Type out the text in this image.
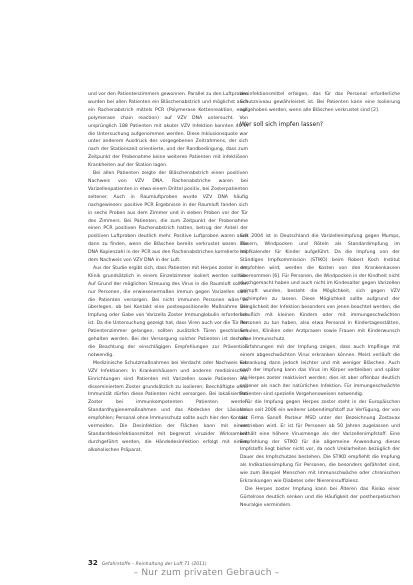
und vor den Patientenzimmern gewonnen. Parallel zu den Luftproben wurden bei allen Patienten ein Bläschenabstrich und möglichst auch ein Rachenabstrich mittels PCR (Polymerase Kettenreaktion, engl. polymerase chain reaction) auf VZV DNA untersucht. Von ursprünglich 188 Patienten mit akuter VZV Infektion konnten 46 in die Untersuchung aufgenommen werden. Diese Inklusionsquote war unter anderem Ausdruck des vorgegebenen Zeitrahmens, der sich nach der Stationszeit orientierte, und der Randbedingung, dass zum Zeitpunkt der Probenahme keine weiteren Patienten mit infektiösen Krankheiten auf der Station lagen.

Bei allen Patienten zeigte der Bläschenabstrich einen positiven Nachweis von VZV DNA. Rachenabstriche waren bei Varizellenpatienten in etwa einem Drittel positiv, bei Zosterpatienten seltener. Auch in Raumluftproben wurde VZV DNA häufig nachgewiesen: positive PCR Ergebnisse in der Raumluft fanden sich in sechs Proben aus dem Zimmer und in sieben Proben vor der Tür des Zimmers. Bei Patienten, die zum Zeitpunkt der Probenahme einen PCR positiven Rachenabstrich hatten, betrug der Anteil der positiven Luftproben deutlich mehr. Positive Luftproben waren auch dann zu finden, wenn die Bläschen bereits verkrustet waren. Die DNA Kopienzahl in der PCR aus den Rachenabstrichen korrelierte mit dem Nachweis von VZV DNA in der Luft.

Aus der Studie ergibt sich, dass Patienten mit Herpes zoster in der Klinik grundsätzlich in einem Einzelzimmer isoliert werden sollten. Auf Grund der möglichen Streuung des Virus in die Raumluft sollten nur Personen, die erwiesenermaßen immun gegen Varizellen sind, die Patienten versorgen. Bei nicht immunen Personen wäre zu überlegen, ob bei Kontakt eine postexpositionelle Maßnahme wie Impfung oder Gabe von Varizella Zoster Immunglobulin erforderlich ist. Da die Untersuchung gezeigt hat, dass Viren auch vor die Tür der Patientenzimmer gelangen, sollten zusätzlich Türen geschlossen gehalten werden. Bei der Versorgung solcher Patienten ist deshalb die Beachtung der einschlägigen Empfehlungen zur Prävention notwendig.

Medizinische Schutzmaßnahmen bei Verdacht oder Nachweis von VZV Infektionen: In Krankenhäusern und anderen medizinischen Einrichtungen sind Patienten mit Varizellen sowie Patienten mit disseminiertem Zoster grundsätzlich zu isolieren; Beschäftigte ohne Immunität dürfen diese Patienten nicht versorgen. Bei lokalisiertem Zoster bei immunkompetenten Patienten werden Standardhygienemaßnahmen und das Abdecken der Läsionen empfohlen; Personal ohne Immunschutz sollte auch hier den Kontakt vermeiden. Die Desinfektion der Flächen kann mit einem Standarddesinfektionsmittel mit begrenzt viruzider Wirksamkeit durchgeführt werden, die Händedesinfektion erfolgt mit einem alkoholischen Präparat.

desinfektionsmittel erfolgen, das für das Personal erforderliche Schutzniveau gewährleistet ist. Bei Patienten kann eine Isolierung aufgehoben werden, wenn alle Bläschen verkrustet sind [2].

Wer soll sich impfen lassen?

Seit 2004 ist in Deutschland die Varizellenimpfung gegen Mumps, Masern, Windpocken und Röteln als Standardimpfung im Impfkalender für Kinder aufgeführt. Da die Impfung von der Ständigen Impfkommission (STIKO) beim Robert Koch Institut empfohlen wird, werden die Kosten von den Krankenkassen übernommen [6]. Für Personen, die Windpocken in der Kindheit nicht durchgemacht haben und auch nicht im Kindesalter gegen Varizellen geimpft wurden, besteht die Möglichkeit, sich gegen VZV nachimpfen zu lassen. Diese Möglichkeit sollte aufgrund der Dringlichkeit der Infektion besonders von jenen beachtet werden, die beruflich mit kleinen Kindern oder mit immungeschwächten Personen zu tun haben, also etwa Personal in Kindertagesstätten, Schulen, Kliniken oder Arztpraxen sowie Frauen mit Kinderwunsch ohne Immunschutz.

Erfahrungen mit der Impfung zeigen, dass auch Impflinge mit einem abgeschwächten Virus erkranken können. Meist verläuft die Erkrankung dann jedoch leichter und mit weniger Bläschen. Auch nach der Impfung kann das Virus im Körper verbleiben und später als Herpes zoster reaktiviert werden; dies ist aber offenbar deutlich seltener als nach der natürlichen Infektion. Für immungeschwächte Patienten sind spezielle Vorgehensweisen notwendig.

Für die Impfung gegen Herpes zoster steht in der Europäischen Union seit 2006 ein weiterer Lebendimpfstoff zur Verfügung, der von der Firma Sanofi Pasteur MSD unter der Bezeichnung Zostavax vertrieben wird. Er ist für Personen ab 50 Jahren zugelassen und enthält eine höhere Virusmenge als der Varizellenimpfstoff. Eine Empfehlung der STIKO für die allgemeine Anwendung dieses Impfstoffs liegt bisher nicht vor, da noch Unklarheiten bezüglich der Dauer des Impfschutzes bestehen. Die STIKO empfiehlt die Impfung als Indikationsimpfung für Personen, die besonders gefährdet sind, wie zum Beispiel Menschen mit Immunschwäche oder chronischen Erkrankungen wie Diabetes oder Niereninsuffizienz.

Die Herpes zoster Impfung kann bei Älteren das Risiko einer Gürtelrose deutlich senken und die Häufigkeit der postherpetischen Neuralgie vermindern.

32 Gefahrstoffe – Reinhaltung der Luft 71 (2011)
– Nur zum privaten Gebrauch –
